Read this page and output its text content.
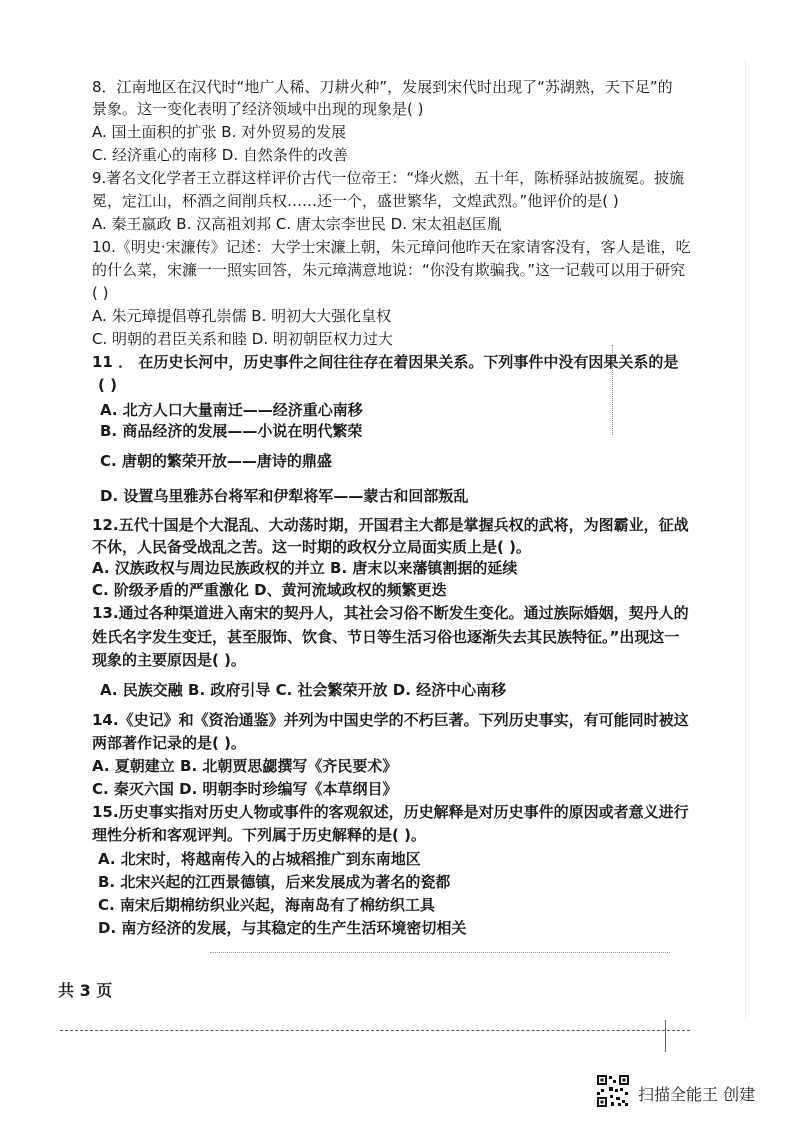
8．江南地区在汉代时“地广人稀、刀耕火种”，发展到宋代时出现了“苏湖熟，天下足”的
景象。这一变化表明了经济领域中出现的现象是( )
A. 国土面积的扩张 B. 对外贸易的发展
C. 经济重心的南移 D. 自然条件的改善
9.著名文化学者王立群这样评价古代一位帝王：“烽火燃，五十年，陈桥驿站披旒冕。披旒
冕，定江山，杯酒之间削兵权……还一个，盛世繁华，文煌武烈。”他评价的是( )
A. 秦王嬴政 B. 汉高祖刘邦 C. 唐太宗李世民 D. 宋太祖赵匡胤
10.《明史·宋濂传》记述：大学士宋濂上朝，朱元璋问他昨天在家请客没有，客人是谁，吃
的什么菜，宋濂一一照实回答，朱元璋满意地说：“你没有欺骗我。”这一记载可以用于研究
( )
A. 朱元璋提倡尊孔崇儒 B. 明初大大强化皇权
C. 明朝的君臣关系和睦 D. 明初朝臣权力过大
11 ． 在历史长河中，历史事件之间往往存在着因果关系。下列事件中没有因果关系的是
( )
A. 北方人口大量南迁——经济重心南移
B. 商品经济的发展——小说在明代繁荣
C. 唐朝的繁荣开放——唐诗的鼎盛
D. 设置乌里雅苏台将军和伊犁将军——蒙古和回部叛乱
12.五代十国是个大混乱、大动荡时期，开国君主大都是掌握兵权的武将，为图霸业，征战
不休，人民备受战乱之苦。这一时期的政权分立局面实质上是( )。
A. 汉族政权与周边民族政权的并立 B. 唐末以来藩镇割据的延续
C. 阶级矛盾的严重激化 D、黄河流域政权的频繁更迭
13.通过各种渠道进入南宋的契丹人，其社会习俗不断发生变化。通过族际婚姻，契丹人的
姓氏名字发生变迁，甚至服饰、饮食、节日等生活习俗也逐渐失去其民族特征。”出现这一
现象的主要原因是( )。
A. 民族交融 B. 政府引导 C. 社会繁荣开放 D. 经济中心南移
14.《史记》和《资治通鉴》并列为中国史学的不朽巨著。下列历史事实，有可能同时被这
两部著作记录的是( )。
A. 夏朝建立 B. 北朝贾思勰撰写《齐民要术》
C. 秦灭六国 D. 明朝李时珍编写《本草纲目》
15.历史事实指对历史人物或事件的客观叙述，历史解释是对历史事件的原因或者意义进行
理性分析和客观评判。下列属于历史解释的是( )。
A. 北宋时，将越南传入的占城稻推广到东南地区
B. 北宋兴起的江西景德镇，后来发展成为著名的瓷都
C. 南宋后期棉纺织业兴起，海南岛有了棉纺织工具
D. 南方经济的发展，与其稳定的生产生活环境密切相关
共 3 页
扫描全能王 创建
